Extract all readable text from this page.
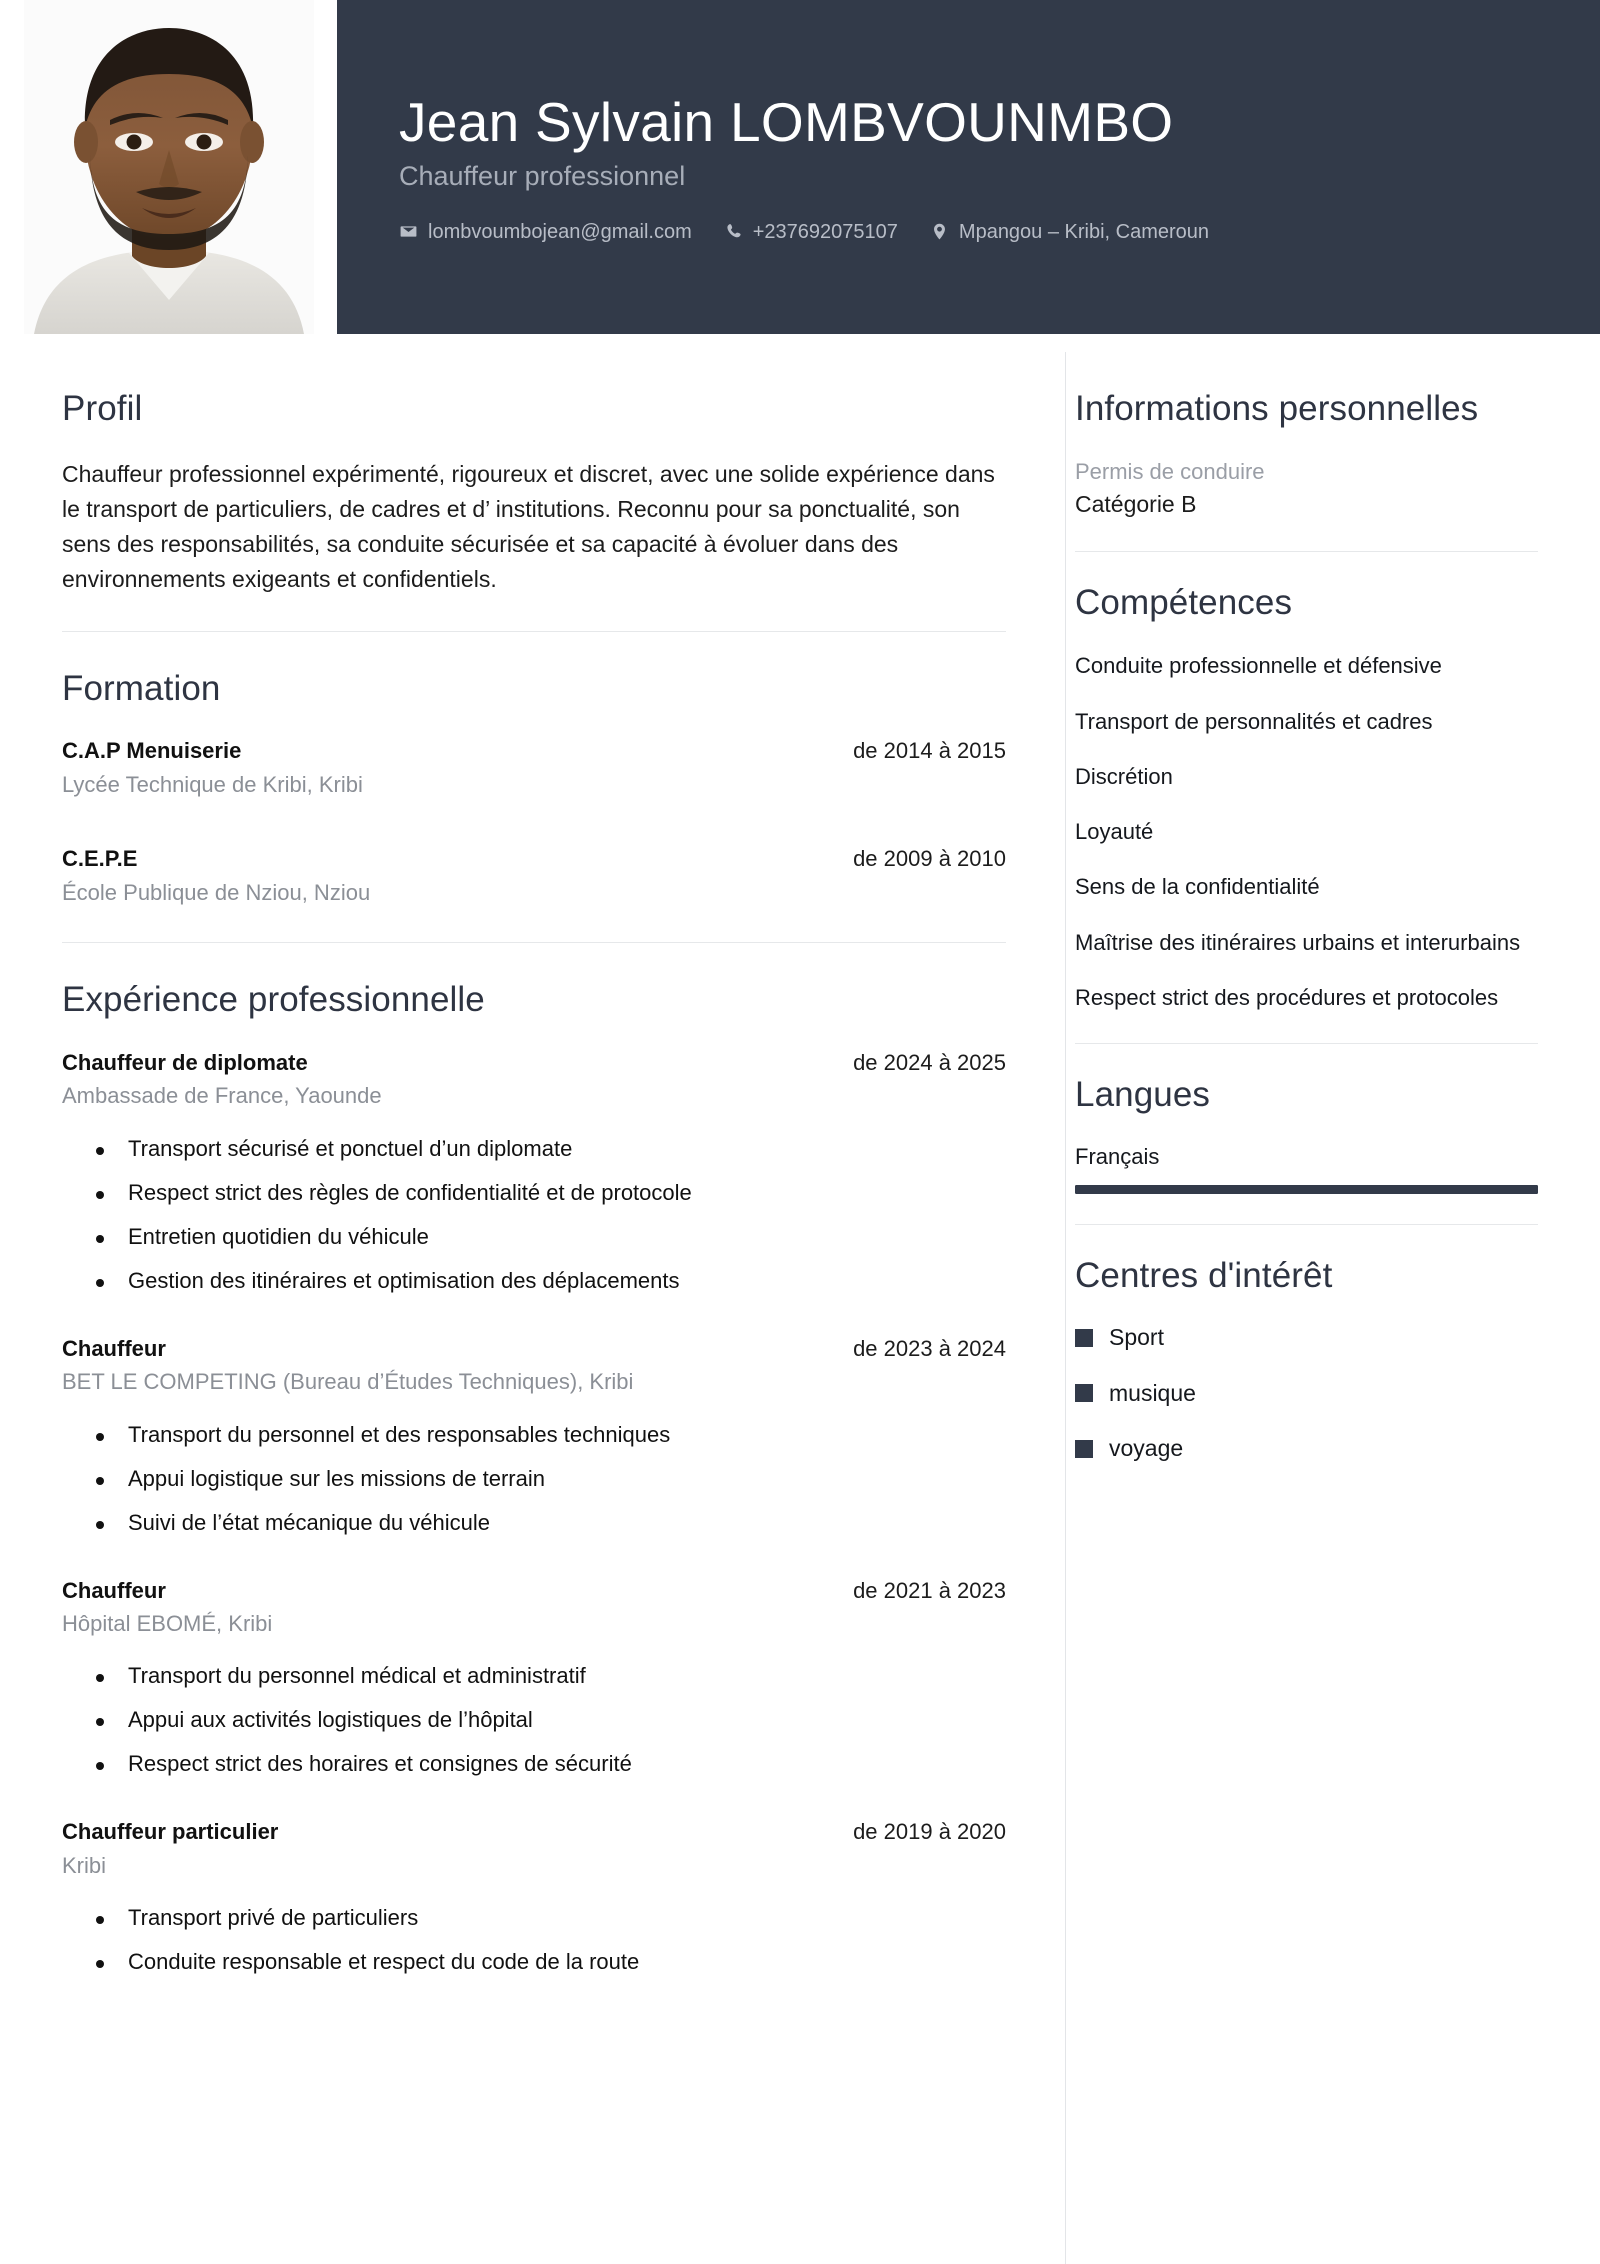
Jean Sylvain LOMBVOUNMBO
Chauffeur professionnel
lombvoumbojean@gmail.com	+237692075107	Mpangou – Kribi, Cameroun
Profil

Chauffeur professionnel expérimenté, rigoureux et discret, avec une solide expérience dans le transport de particuliers, de cadres et d’ institutions. Reconnu pour sa ponctualité, son sens des responsabilités, sa conduite sécurisée et sa capacité à évoluer dans des environnements exigeants et confidentiels.

Formation
C.A.P Menuiserie	de 2014 à 2015
Lycée Technique de Kribi, Kribi
C.E.P.E	de 2009 à 2010
École Publique de Nziou, Nziou
Expérience professionnelle
Chauffeur de diplomate	de 2024 à 2025
Ambassade de France, Yaounde
Transport sécurisé et ponctuel d’un diplomate
Respect strict des règles de confidentialité et de protocole
Entretien quotidien du véhicule
Gestion des itinéraires et optimisation des déplacements
Chauffeur	de 2023 à 2024
BET LE COMPETING (Bureau d’Études Techniques), Kribi
Transport du personnel et des responsables techniques
Appui logistique sur les missions de terrain
Suivi de l’état mécanique du véhicule
Chauffeur	de 2021 à 2023
Hôpital EBOMÉ, Kribi
Transport du personnel médical et administratif
Appui aux activités logistiques de l’hôpital
Respect strict des horaires et consignes de sécurité
Chauffeur particulier	de 2019 à 2020
Kribi
Transport privé de particuliers
Conduite responsable et respect du code de la route
Informations personnelles
Permis de conduire
Catégorie B
Compétences
Conduite professionnelle et défensive
Transport de personnalités et cadres
Discrétion
Loyauté
Sens de la confidentialité
Maîtrise des itinéraires urbains et interurbains
Respect strict des procédures et protocoles
Langues
Français
Centres d'intérêt
Sport
musique
voyage
